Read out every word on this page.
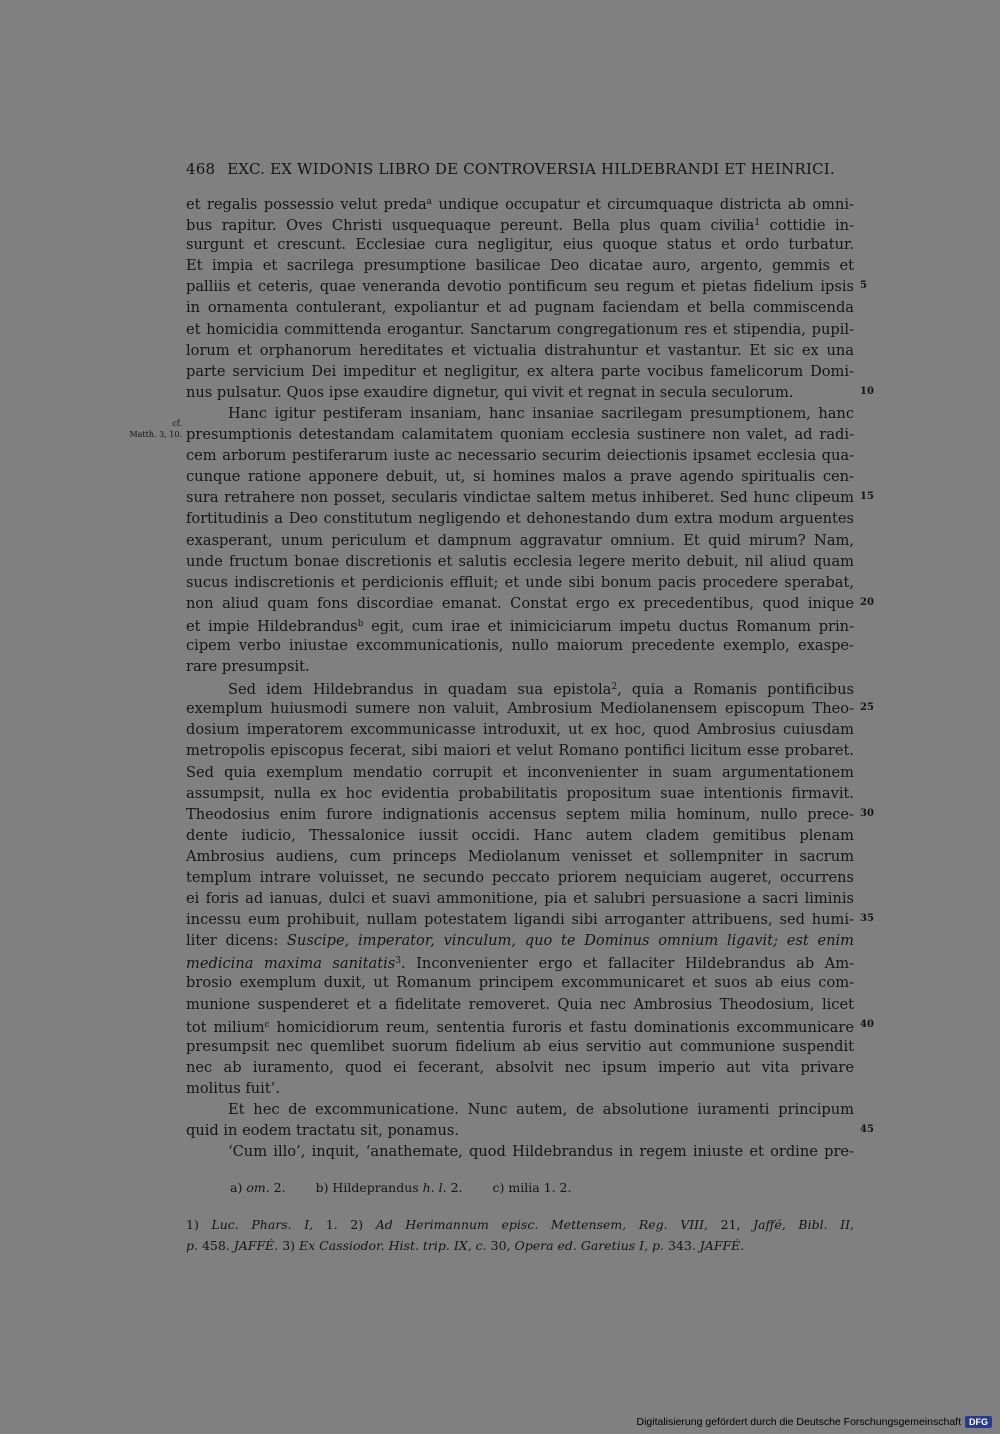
468 EXC. EX WIDONIS LIBRO DE CONTROVERSIA HILDEBRANDI ET HEINRICI.
cf.
Matth. 3, 10.
et regalis possessio velut preda$^a$ undique occupatur et circumquaque districta ab omni-
bus rapitur. Oves Christi usquequaque pereunt. Bella plus quam civilia$^1$ cottidie in-
surgunt et crescunt. Ecclesiae cura negligitur, eius quoque status et ordo turbatur.
Et impia et sacrilega presumptione basilicae Deo dicatae auro, argento, gemmis et
palliis et ceteris, quae veneranda devotio pontificum seu regum et pietas fidelium ipsis
in ornamenta contulerant, expoliantur et ad pugnam faciendam et bella commiscenda
et homicidia committenda erogantur. Sanctarum congregationum res et stipendia, pupil-
lorum et orphanorum hereditates et victualia distrahuntur et vastantur. Et sic ex una
parte servicium Dei impeditur et negligitur, ex altera parte vocibus famelicorum Domi-
nus pulsatur. Quos ipse exaudire dignetur, qui vivit et regnat in secula seculorum.
Hanc igitur pestiferam insaniam, hanc insaniae sacrilegam presumptionem, hanc
presumptionis detestandam calamitatem quoniam ecclesia sustinere non valet, ad radi-
cem arborum pestiferarum iuste ac necessario securim deiectionis ipsamet ecclesia qua-
cunque ratione apponere debuit, ut, si homines malos a prave agendo spiritualis cen-
sura retrahere non posset, secularis vindictae saltem metus inhiberet. Sed hunc clipeum
fortitudinis a Deo constitutum negligendo et dehonestando dum extra modum arguentes
exasperant, unum periculum et dampnum aggravatur omnium. Et quid mirum? Nam,
unde fructum bonae discretionis et salutis ecclesia legere merito debuit, nil aliud quam
sucus indiscretionis et perdicionis effluit; et unde sibi bonum pacis procedere sperabat,
non aliud quam fons discordiae emanat. Constat ergo ex precedentibus, quod inique
et impie Hildebrandus$^b$ egit, cum irae et inimiciciarum impetu ductus Romanum prin-
cipem verbo iniustae excommunicationis, nullo maiorum precedente exemplo, exaspe-
rare presumpsit.
Sed idem Hildebrandus in quadam sua epistola$^2$, quia a Romanis pontificibus
exemplum huiusmodi sumere non valuit, Ambrosium Mediolanensem episcopum Theo-
dosium imperatorem excommunicasse introduxit, ut ex hoc, quod Ambrosius cuiusdam
metropolis episcopus fecerat, sibi maiori et velut Romano pontifici licitum esse probaret.
Sed quia exemplum mendatio corrupit et inconvenienter in suam argumentationem
assumpsit, nulla ex hoc evidentia probabilitatis propositum suae intentionis firmavit.
Theodosius enim furore indignationis accensus septem milia hominum, nullo prece-
dente iudicio, Thessalonice iussit occidi. Hanc autem cladem gemitibus plenam
Ambrosius audiens, cum princeps Mediolanum venisset et sollempniter in sacrum
templum intrare voluisset, ne secundo peccato priorem nequiciam augeret, occurrens
ei foris ad ianuas, dulci et suavi ammonitione, pia et salubri persuasione a sacri liminis
incessu eum prohibuit, nullam potestatem ligandi sibi arroganter attribuens, sed humi-
liter dicens: Suscipe, imperator, vinculum, quo te Dominus omnium ligavit; est enim
medicina maxima sanitatis$^3$. Inconvenienter ergo et fallaciter Hildebrandus ab Am-
brosio exemplum duxit, ut Romanum principem excommunicaret et suos ab eius com-
munione suspenderet et a fidelitate removeret. Quia nec Ambrosius Theodosium, licet
tot milium$^c$ homicidiorum reum, sententia furoris et fastu dominationis excommunicare
presumpsit nec quemlibet suorum fidelium ab eius servitio aut communione suspendit
nec ab iuramento, quod ei fecerant, absolvit nec ipsum imperio aut vita privare
molitus fuit’.
Et hec de excommunicatione. Nunc autem, de absolutione iuramenti principum
quid in eodem tractatu sit, ponamus.
‘Cum illo’, inquit, ‘anathemate, quod Hildebrandus in regem iniuste et ordine pre-
a) om. 2. b) Hildeprandus h. l. 2. c) milia 1. 2.
1) Luc. Phars. I, 1. 2) Ad Herimannum episc. Mettensem, Reg. VIII, 21, Jaffé, Bibl. II,
p. 458. JAFFÉ. 3) Ex Cassiodor. Hist. trip. IX, c. 30, Opera ed. Garetius I, p. 343. JAFFÉ.
Digitalisierung gefördert durch die Deutsche Forschungsgemeinschaft DFG
5
10
15
20
25
30
35
40
45
